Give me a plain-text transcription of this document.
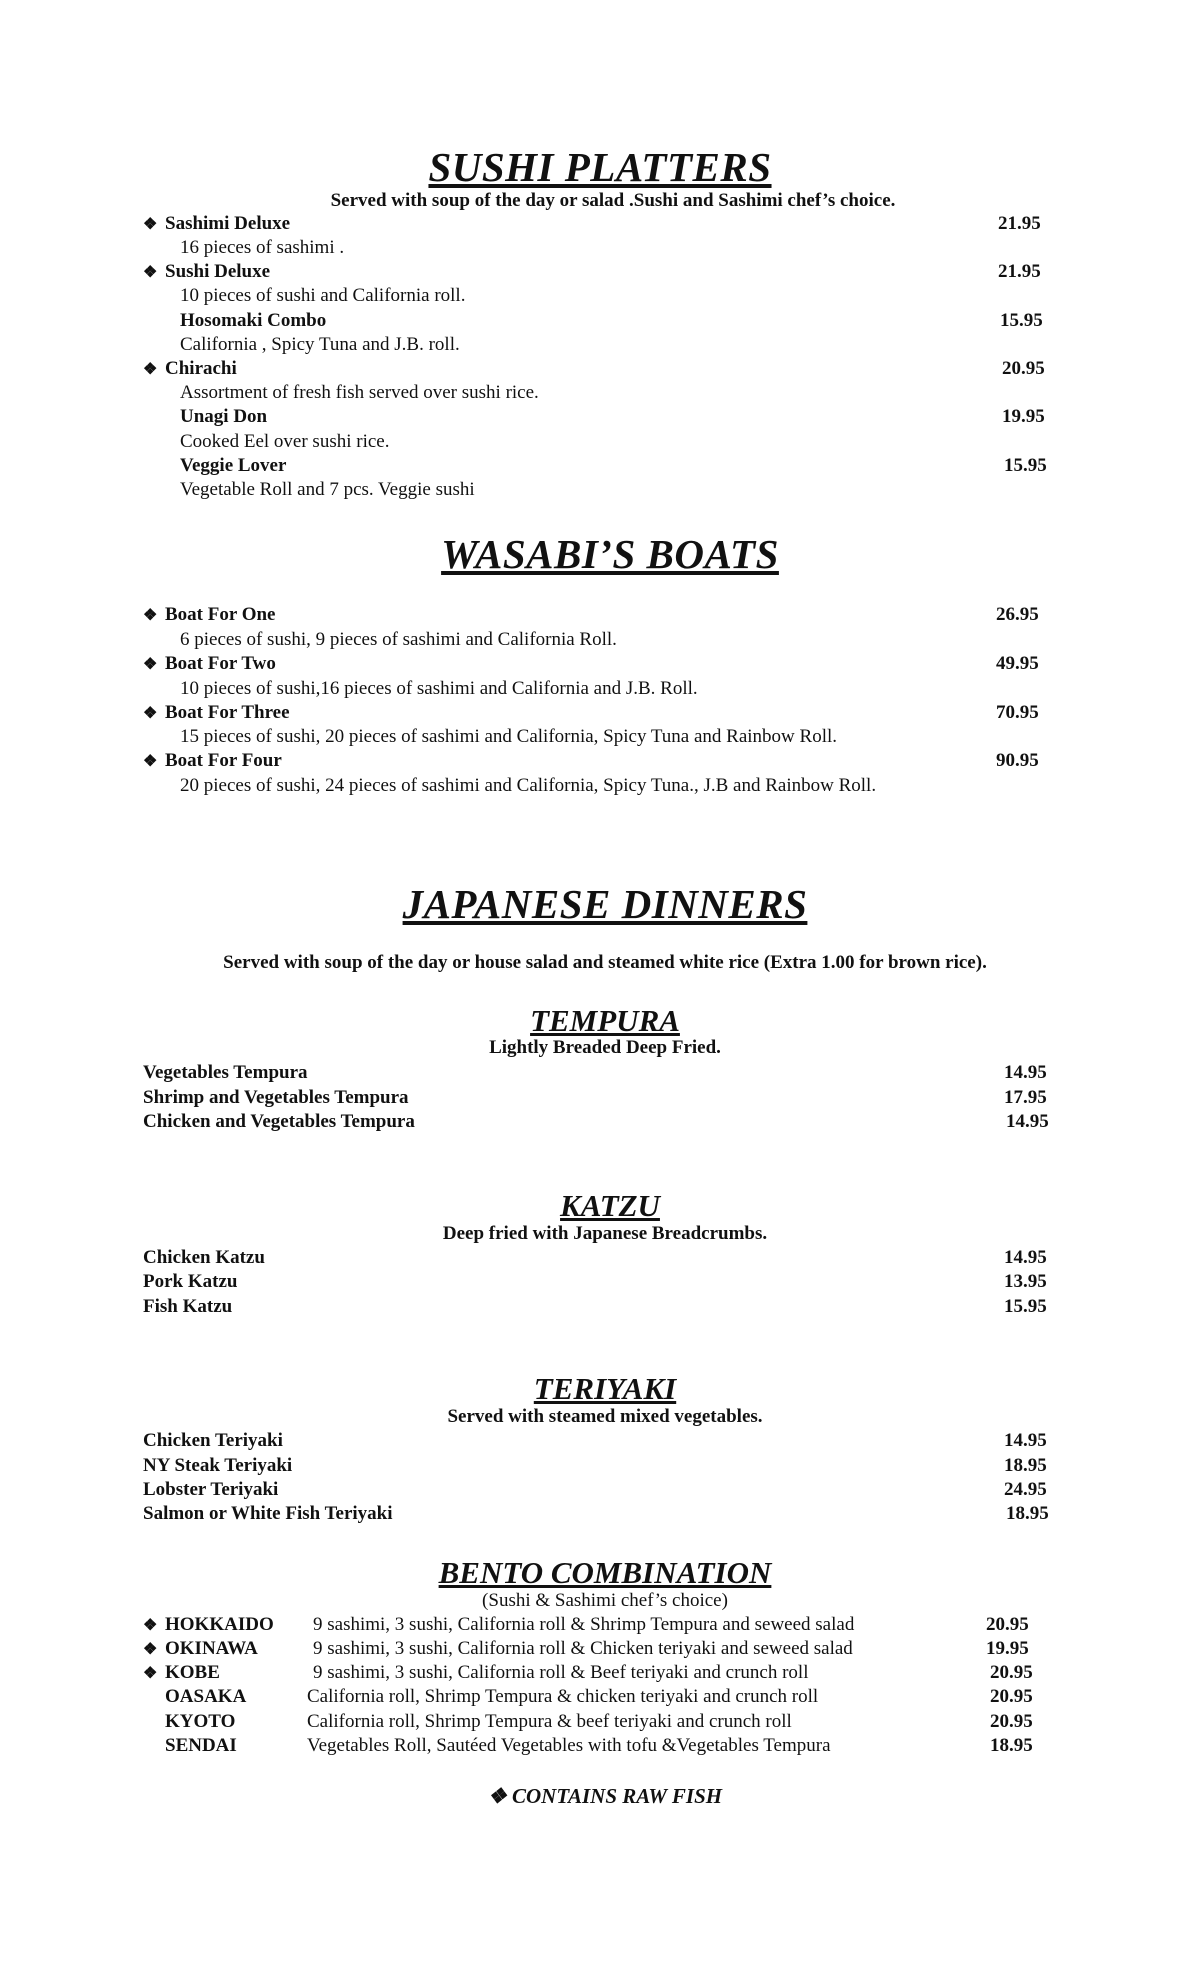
SUSHI PLATTERS
Served with soup of the day or salad .Sushi and Sashimi chef’s choice.
❖ Sashimi Deluxe	21.95
16 pieces of sashimi .
❖ Sushi Deluxe	21.95
10 pieces of sushi and California roll.
Hosomaki Combo	15.95
California , Spicy Tuna and J.B. roll.
❖ Chirachi	20.95
Assortment of fresh fish served over sushi rice.
Unagi Don	19.95
Cooked Eel over sushi rice.
Veggie Lover	15.95
Vegetable Roll and 7 pcs. Veggie sushi
WASABI’S BOATS
❖ Boat For One	26.95
6 pieces of sushi, 9 pieces of sashimi and California Roll.
❖ Boat For Two	49.95
10 pieces of sushi,16 pieces of sashimi and California and J.B. Roll.
❖ Boat For Three	70.95
15 pieces of sushi, 20 pieces of sashimi and California, Spicy Tuna and Rainbow Roll.
❖ Boat For Four	90.95
20 pieces of sushi, 24 pieces of sashimi and California, Spicy Tuna., J.B and Rainbow Roll.
JAPANESE DINNERS
Served with soup of the day or house salad and steamed white rice (Extra 1.00 for brown rice).
TEMPURA
Lightly Breaded Deep Fried.
Vegetables Tempura	14.95
Shrimp and Vegetables Tempura	17.95
Chicken and Vegetables Tempura	14.95
KATZU
Deep fried with Japanese Breadcrumbs.
Chicken Katzu	14.95
Pork Katzu	13.95
Fish Katzu	15.95
TERIYAKI
Served with steamed mixed vegetables.
Chicken Teriyaki	14.95
NY Steak Teriyaki	18.95
Lobster Teriyaki	24.95
Salmon or White Fish Teriyaki	18.95
BENTO COMBINATION
(Sushi & Sashimi chef’s choice)
❖ HOKKAIDO 9 sashimi, 3 sushi, California roll & Shrimp Tempura and seweed salad	20.95
❖ OKINAWA	9 sashimi, 3 sushi, California roll & Chicken teriyaki and seweed salad	19.95
❖ KOBE	9 sashimi, 3 sushi, California roll & Beef teriyaki and crunch roll	20.95
OASAKA	California roll, Shrimp Tempura & chicken teriyaki and crunch roll	20.95
KYOTO	California roll, Shrimp Tempura & beef teriyaki and crunch roll	20.95
SENDAI	Vegetables Roll, Sautéed Vegetables with tofu &Vegetables Tempura	18.95
❖ CONTAINS RAW FISH
